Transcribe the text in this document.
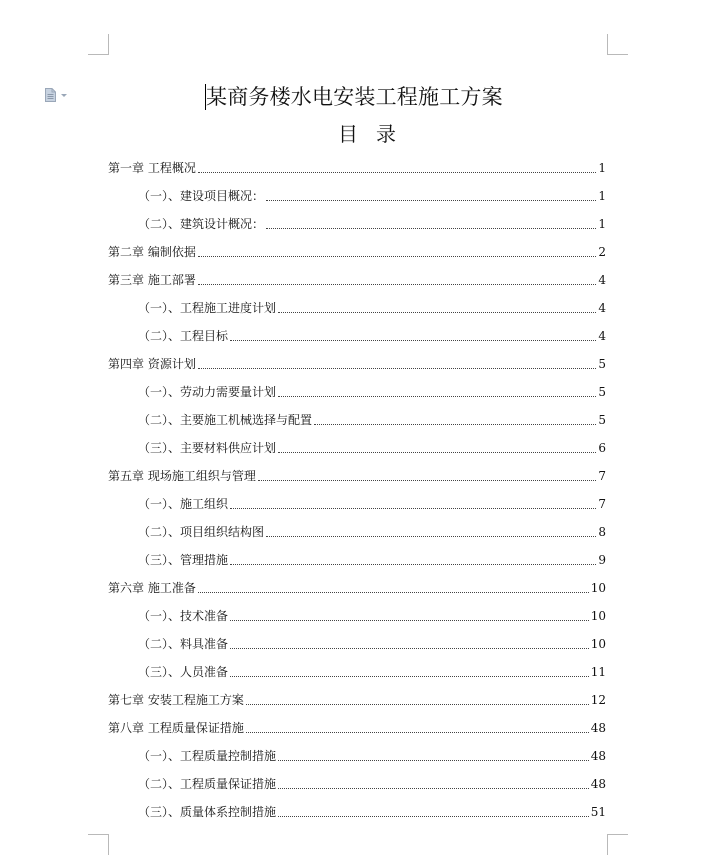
某商务楼水电安装工程施工方案
目录
第一章 工程概况	1
（一）、建设项目概况：	1
（二）、建筑设计概况：	1
第二章 编制依据	2
第三章 施工部署	4
（一）、工程施工进度计划	4
（二）、工程目标	4
第四章 资源计划	5
（一）、劳动力需要量计划	5
（二）、主要施工机械选择与配置	5
（三）、主要材料供应计划	6
第五章 现场施工组织与管理	7
（一）、施工组织	7
（二）、项目组织结构图	8
（三）、管理措施	9
第六章 施工准备	10
（一）、技术准备	10
（二）、料具准备	10
（三）、人员准备	11
第七章 安装工程施工方案	12
第八章 工程质量保证措施	48
（一）、工程质量控制措施	48
（二）、工程质量保证措施	48
（三）、质量体系控制措施	51
